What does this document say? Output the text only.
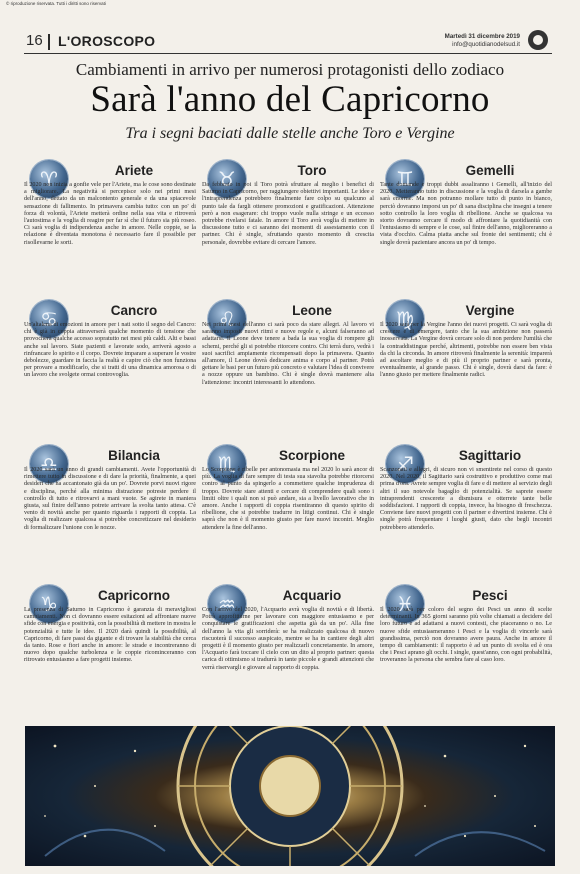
© riproduzione riservata. Tutti i diritti sono riservati
16 L'OROSCOPO	Martedì 31 dicembre 2019
info@quotidianodelsud.it
Cambiamenti in arrivo per numerosi protagonisti dello zodiaco
Sarà l'anno del Capricorno
Tra i segni baciati dalle stelle anche Toro e Vergine
♈	Ariete
Il 2020 non inizia a gonfie vele per l'Ariete, ma le cose sono destinate a migliorare. La negatività si percepisce solo nei primi mesi dell'anno, dettato da un malcontento generale e da una spiacevole sensazione di fallimento. In primavera cambia tutto: con un po' di forza di volontà, l'Ariete metterà ordine nella sua vita e ritroverà l'autostima e la voglia di reagire per far sì che il futuro sia più roseo. Ci sarà voglia di indipendenza anche in amore. Nelle coppie, se la relazione è diventata monotona è necessario fare il possibile per risollevarne le sorti.
♉	Toro
Da febbraio in poi il Toro potrà sfruttare al meglio i benefici di Saturno in Capricorno, per raggiungere obiettivi importanti. Le idee e l'intraprendenza potrebbero finalmente fare colpo su qualcuno al punto tale da fargli ottenere promozioni e gratificazioni. Attenzione però a non esagerare: chi troppo vuole nulla stringe e un eccesso potrebbe rivelarsi fatale. In amore il Toro avrà voglia di mettere in discussione tutto e ci saranno dei momenti di assestamento con il partner. Chi è single, sfruttando questo momento di crescita personale, dovrebbe evitare di cercare l'amore.
♊	Gemelli
Tante domande e troppi dubbi assaliranno i Gemelli, all'inizio del 2020. Metteranno tutto in discussione e la voglia di darsela a gambe sarà enorme. Ma non potranno mollare tutto di punto in bianco, perciò dovranno imporsi un po' di sana disciplina che insegni a tenere sotto controllo la loro voglia di ribellione. Anche se qualcosa va storto dovranno cercare il modo di affrontare la quotidianità con l'entusiasmo di sempre e le cose, sul finire dell'anno, miglioreranno a vista d'occhio. Calma piatta anche sul fronte dei sentimenti; chi è single dovrà pazientare ancora un po' di tempo.
♋	Cancro
Un'altalena di emozioni in amore per i nati sotto il segno del Cancro: chi è già in coppia attraverserà qualche momento di tensione che provocherà qualche accesso sopratutto nei mesi più caldi. Alti e bassi anche sul lavoro. Siate pazienti e lavorate sodo, arriverà agosto a rinfrancare lo spirito e il corpo. Dovrete imparare a superare le vostre debolezze, guardare in faccia la realtà e capire ciò che non funziona per provare a modificarlo, che si tratti di una dinamica amorosa o di un lavoro che svolgete ormai controvoglia.
♌	Leone
Nei primi mesi dell'anno ci sarà poco da stare allegri. Al lavoro vi saranno imposti nuovi ritmi e nuove regole e, alcuni falseranno ad adattarsi. Il Leone deve tenere a bada la sua voglia di rompere gli schemi, perché gli si potrebbe ritorcere contro. Chi terrà duro, vedrà i suoi sacrifici ampiamente ricompensati dopo la primavera. Quanto all'amore, il Leone dovrà dedicare anima e corpo al partner. Potrà gettare le basi per un futuro più concreto e valutare l'idea di convivere a nozze oppure un bambino. Chi è single dovrà mantenere alta l'attenzione: incontri interessanti lo attendono.
♍	Vergine
Il 2020 sarà per la Vergine l'anno dei nuovi progetti. Ci sarà voglia di crescere e di emergere, tanto che la sua ambizione non passerà inosservata. La Vergine dovrà cercare solo di non perdere l'umiltà che la contraddistingue perché, altrimenti, potrebbe non essere ben vista da chi la circonda. In amore ritroverà finalmente la serenità: imparerà ad ascoltare meglio e di più il proprio partner e sarà pronta, eventualmente, al grande passo. Chi è single, dovrà darsi da fare: è l'anno giusto per mettere finalmente radici.
♎	Bilancia
Il 2020 sarà un anno di grandi cambiamenti. Avete l'opportunità di rimettere tutto in discussione e di dare la priorità, finalmente, a quei desideri che ha accantonato già da un po'. Dovrete porvi nuovi rigore e disciplina, perché alla minima distrazione potreste perdere il controllo di tutto e ritrovarvi a mani vuote. Se agirete in maniera giusta, sul finire dell'anno potrete arrivare la svolta tanto attesa. C'è vento di novità anche per quanto riguarda i rapporti di coppia. La voglia di realizzare qualcosa si potrebbe concretizzare nel desiderio di formalizzare l'unione con le nozze.
♏	Scorpione
Lo Scorpione è ribelle per antonomasia ma nel 2020 lo sarà ancor di più. La voglia di fare sempre di testa sua stavolta potrebbe ritorcersi contro al punto da spingerlo a commettere qualche imprudenza di troppo. Dovrete stare attenti e cercare di comprendere quali sono i limiti oltre i quali non si può andare, sia a livello lavorativo che in amore. Anche i rapporti di coppia risentiranno di questo spirito di ribellione, che si potrebbe tradurre in litigi continui. Chi è single saprà che non è il momento giusto per fare nuovi incontri. Meglio attendere la fine dell'anno.
♐	Sagittario
Scanzonati e allegri, di sicuro non vi smentirete nel corso di questo 2020. Nel 2020, il Sagittario sarà costruttivo e produttivo come mai prima d'ora. Avrete sempre voglia di fare e di mettere al servizio degli altri il suo notevole bagaglio di potenzialità. Se saprete essere intraprendenti crescerete a dismisura e otterrete tante belle soddisfazioni. I rapporti di coppia, invece, ha bisogno di freschezza. Conviene fare nuovi progetti con il partner e divertirsi insieme. Chi è single potrà frequentare i luoghi giusti, dato che begli incontri potrebbero attenderlo.
♑	Capricorno
La presenza di Saturno in Capricorno è garanzia di meravigliosi cambiamenti. Non ci dovranno essere esitazioni ad affrontare nuove sfide con energia e positività, con la possibilità di mettere in mostra le potenzialità e tutte le idee. Il 2020 darà quindi la possibilità, al Capricorno, di fare passi da gigante e di trovare la stabilità che cerca da tanto. Rose e fiori anche in amore: le strade e incontreranno di nuovo dopo qualche turbolenza e le coppie ricominceranno con ritrovato entusiasmo a fare progetti insieme.
♒	Acquario
Con l'arrivo del 2020, l'Acquario avrà voglia di novità e di libertà. Potrà approfittarne per lavorare con maggiore entusiasmo e per conquistare le gratificazioni che aspetta già da un po'. Alla fine dell'anno la vita gli sorriderà: se ha realizzato qualcosa di nuovo riscuoterà il successo auspicato, mentre se ha in cantiere degli altri progetti è il momento giusto per realizzarli concretamente. In amore, l'Acquario farà toccare il cielo con un dito al proprio partner: questa carica di ottimismo si tradurrà in tante piccole e grandi attenzioni che verrà riservargli e giovare al rapporto di coppia.
♓	Pesci
Il 2020 sarà per coloro del segno dei Pesci un anno di scelte determinanti. In 365 giorni saranno più volte chiamati a decidere del loro futuro e ad adattarsi a nuovi contesti, che piaceranno o no. Le nuove sfide entusiasmeranno i Pesci e la voglia di vincerle sarà grandissima, perciò non dovranno avere paura. Anche in amore il tempo di cambiamenti: il rapporto è ad un punto di svolta ed è ora che i Pesci aprano gli occhi. I single, quest'anno, con ogni probabilità, troveranno la persona che sembra fare al caso loro.
